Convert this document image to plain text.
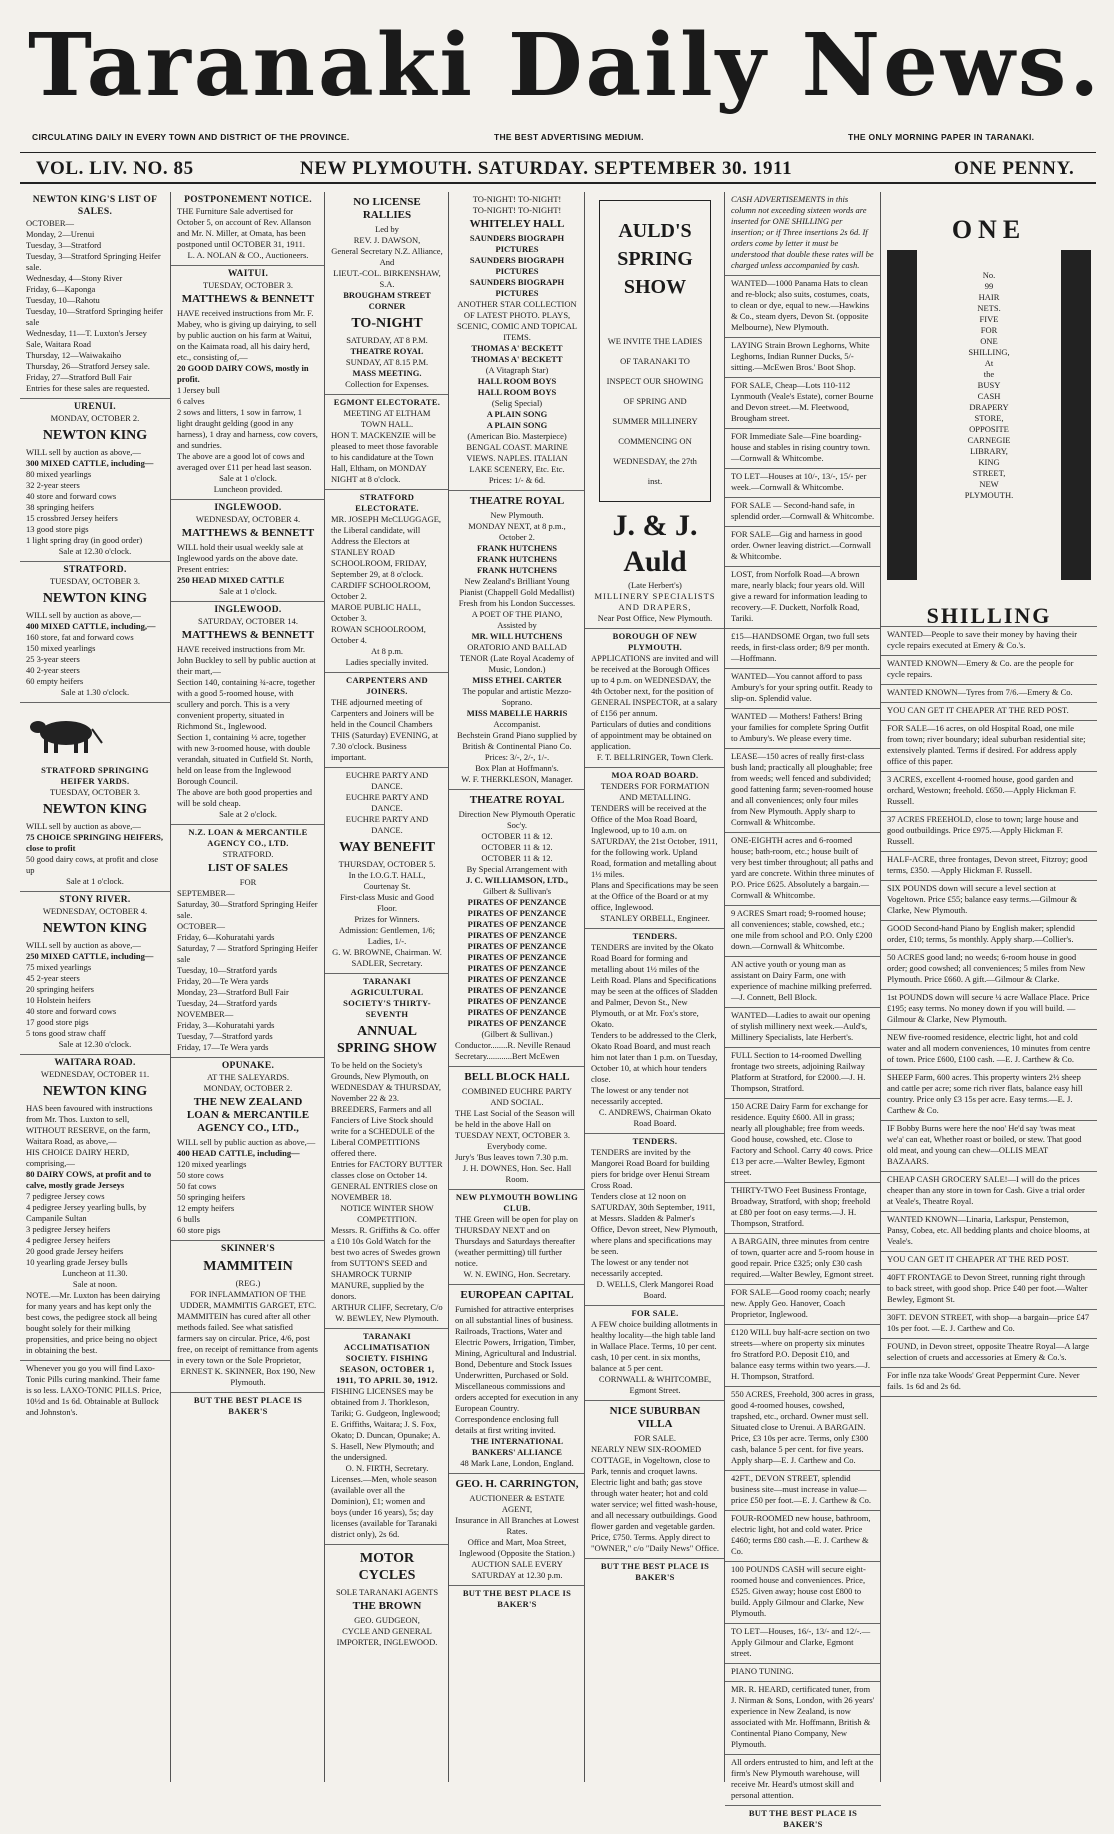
Taranaki Daily News.
CIRCULATING DAILY IN EVERY TOWN AND DISTRICT OF THE PROVINCE.	THE BEST ADVERTISING MEDIUM.	THE ONLY MORNING PAPER IN TARANAKI.
VOL. LIV. NO. 85	NEW PLYMOUTH. SATURDAY. SEPTEMBER 30. 1911	ONE PENNY.
NEWTON KING'S LIST OF SALES.
OCTOBER—
Monday, 2—Urenui
Tuesday, 3—Stratford
Tuesday, 3—Stratford Springing Heifer sale.
Wednesday, 4—Stony River
Friday, 6—Kaponga
Tuesday, 10—Rahotu
Tuesday, 10—Stratford Springing heifer sale
Wednesday, 11—T. Luxton's Jersey Sale, Waitara Road
Thursday, 12—Waiwakaiho
Thursday, 26—Stratford Jersey sale.
Friday, 27—Stratford Bull Fair
Entries for these sales are requested.
URENUI.
MONDAY, OCTOBER 2.
NEWTON KING
WILL sell by auction as above,—
300 MIXED CATTLE, including—
80 mixed yearlings
32 2-year steers
40 store and forward cows
38 springing heifers
15 crossbred Jersey heifers
13 good store pigs
1 light spring dray (in good order)
Sale at 12.30 o'clock.
STRATFORD.
TUESDAY, OCTOBER 3.
NEWTON KING
WILL sell by auction as above,—
400 MIXED CATTLE, including,—
160 store, fat and forward cows
150 mixed yearlings
25 3-year steers
40 2-year steers
60 empty heifers
Sale at 1.30 o'clock.
STRATFORD SPRINGING HEIFER YARDS.
TUESDAY, OCTOBER 3.
NEWTON KING
WILL sell by auction as above,—
75 CHOICE SPRINGING HEIFERS, close to profit
50 good dairy cows, at profit and close up
Sale at 1 o'clock.
STONY RIVER.
WEDNESDAY, OCTOBER 4.
NEWTON KING
WILL sell by auction as above,—
250 MIXED CATTLE, including—
75 mixed yearlings
45 2-year steers
20 springing heifers
10 Holstein heifers
40 store and forward cows
17 good store pigs
5 tons good straw chaff
Sale at 12.30 o'clock.
WAITARA ROAD.
WEDNESDAY, OCTOBER 11.
NEWTON KING
HAS been favoured with instructions from Mr. Thos. Luxton to sell, WITHOUT RESERVE, on the farm, Waitara Road, as above,—
HIS CHOICE DAIRY HERD, comprising,—
80 DAIRY COWS, at profit and to calve, mostly grade Jerseys
7 pedigree Jersey cows
4 pedigree Jersey yearling bulls, by Campanile Sultan
3 pedigree Jersey heifers
4 pedigree Jersey heifers
20 good grade Jersey heifers
10 yearling grade Jersey bulls
Luncheon at 11.30.
Sale at noon.
NOTE.—Mr. Luxton has been dairying for many years and has kept only the best cows, the pedigree stock all being bought solely for their milking propensities, and price being no object in obtaining the best.
Whenever you go you will find Laxo-Tonic Pills curing mankind. Their fame is so less. LAXO-TONIC PILLS. Price, 10½d and 1s 6d. Obtainable at Bullock and Johnston's.
POSTPONEMENT NOTICE.
THE Furniture Sale advertised for October 5, on account of Rev. Allanson and Mr. N. Miller, at Omata, has been postponed until OCTOBER 31, 1911.
L. A. NOLAN & CO., Auctioneers.
WAITUI.
TUESDAY, OCTOBER 3.
MATTHEWS & BENNETT
HAVE received instructions from Mr. F. Mabey, who is giving up dairying, to sell by public auction on his farm at Waitui, on the Kaimata road, all his dairy herd, etc., consisting of,—
20 GOOD DAIRY COWS, mostly in profit.
1 Jersey bull
6 calves
2 sows and litters, 1 sow in farrow, 1 light draught gelding (good in any harness), 1 dray and harness, cow covers, and sundries.
The above are a good lot of cows and averaged over £11 per head last season.
Sale at 1 o'clock.
Luncheon provided.
INGLEWOOD.
WEDNESDAY, OCTOBER 4.
MATTHEWS & BENNETT
WILL hold their usual weekly sale at Inglewood yards on the above date. Present entries:
250 HEAD MIXED CATTLE
Sale at 1 o'clock.
INGLEWOOD.
SATURDAY, OCTOBER 14.
MATTHEWS & BENNETT
HAVE received instructions from Mr. John Buckley to sell by public auction at their mart,—
Section 140, containing ¾-acre, together with a good 5-roomed house, with scullery and porch. This is a very convenient property, situated in Richmond St., Inglewood.
Section 1, containing ½ acre, together with new 3-roomed house, with double verandah, situated in Cutfield St. North, held on lease from the Inglewood Borough Council.
The above are both good properties and will be sold cheap.
Sale at 2 o'clock.
N.Z. LOAN & MERCANTILE AGENCY CO., LTD.
STRATFORD.
LIST OF SALES
FOR
SEPTEMBER—
Saturday, 30—Stratford Springing Heifer sale.
OCTOBER—
Friday, 6—Kohuratahi yards
Saturday, 7 — Stratford Springing Heifer sale
Tuesday, 10—Stratford yards
Friday, 20—Te Wera yards
Monday, 23—Stratford Bull Fair
Tuesday, 24—Stratford yards
NOVEMBER—
Friday, 3—Kohuratahi yards
Tuesday, 7—Stratford yards
Friday, 17—Te Wera yards
OPUNAKE.
AT THE SALEYARDS.
MONDAY, OCTOBER 2.
THE NEW ZEALAND LOAN & MERCANTILE AGENCY CO., LTD.,
WILL sell by public auction as above,—
400 HEAD CATTLE, including—
120 mixed yearlings
50 store cows
50 fat cows
50 springing heifers
12 empty heifers
6 bulls
60 store pigs
SKINNER'S
MAMMITEIN
(REG.)
FOR INFLAMMATION OF THE UDDER, MAMMITIS GARGET, ETC.
MAMMITEIN has cured after all other methods failed. See what satisfied farmers say on circular. Price, 4/6, post free, on receipt of remittance from agents in every town or the Sole Proprietor,
ERNEST K. SKINNER, Box 190, New Plymouth.
BUT THE BEST PLACE IS BAKER'S
NO LICENSE RALLIES
Led by
REV. J. DAWSON,
General Secretary N.Z. Alliance,
And
LIEUT.-COL. BIRKENSHAW, S.A.
BROUGHAM STREET CORNER
TO-NIGHT
SATURDAY, AT 8 P.M.
THEATRE ROYAL
SUNDAY, AT 8.15 P.M.
MASS MEETING.
Collection for Expenses.
EGMONT ELECTORATE.
MEETING AT ELTHAM TOWN HALL.
HON T. MACKENZIE will be pleased to meet those favorable to his candidature at the Town Hall, Eltham, on MONDAY NIGHT at 8 o'clock.
STRATFORD ELECTORATE.
MR. JOSEPH McCLUGGAGE, the Liberal candidate, will Address the Electors at
STANLEY ROAD SCHOOLROOM, FRIDAY, September 29, at 8 o'clock.
CARDIFF SCHOOLROOM, October 2.
MAROE PUBLIC HALL, October 3.
ROWAN SCHOOLROOM, October 4.
At 8 p.m.
Ladies specially invited.
CARPENTERS AND JOINERS.
THE adjourned meeting of Carpenters and Joiners will be held in the Council Chambers THIS (Saturday) EVENING, at 7.30 o'clock. Business important.
EUCHRE PARTY AND DANCE.
EUCHRE PARTY AND DANCE.
EUCHRE PARTY AND DANCE.
WAY BENEFIT
THURSDAY, OCTOBER 5.
In the I.O.G.T. HALL, Courtenay St.
First-class Music and Good Floor.
Prizes for Winners.
Admission: Gentlemen, 1/6; Ladies, 1/-.
G. W. BROWNE, Chairman. W. SADLER, Secretary.
TARANAKI AGRICULTURAL SOCIETY'S THIRTY-SEVENTH
ANNUAL SPRING SHOW
To be held on the Society's Grounds, New Plymouth, on WEDNESDAY & THURSDAY, November 22 & 23.
BREEDERS, Farmers and all Fanciers of Live Stock should write for a SCHEDULE of the Liberal COMPETITIONS offered there.
Entries for FACTORY BUTTER classes close on October 14.
GENERAL ENTRIES close on NOVEMBER 18.
NOTICE WINTER SHOW COMPETITION.
Messrs. R. Griffiths & Co. offer a £10 10s Gold Watch for the best two acres of Swedes grown from SUTTON'S SEED and SHAMROCK TURNIP MANURE, supplied by the donors.
ARTHUR CLIFF, Secretary, C/o W. BEWLEY, New Plymouth.
TARANAKI ACCLIMATISATION SOCIETY. FISHING SEASON, OCTOBER 1, 1911, TO APRIL 30, 1912.
FISHING LICENSES may be obtained from J. Thorkleson, Tariki; G. Gudgeon, Inglewood; E. Griffiths, Waitara; J. S. Fox, Okato; D. Duncan, Opunake; A. S. Hasell, New Plymouth; and the undersigned.
O. N. FIRTH, Secretary.
Licenses.—Men, whole season (available over all the Dominion), £1; women and boys (under 16 years), 5s; day licenses (available for Taranaki district only), 2s 6d.
MOTOR CYCLES
SOLE TARANAKI AGENTS
THE BROWN
GEO. GUDGEON,
CYCLE AND GENERAL IMPORTER, INGLEWOOD.
TO-NIGHT! TO-NIGHT!
TO-NIGHT! TO-NIGHT!
WHITELEY HALL
SAUNDERS BIOGRAPH PICTURES
SAUNDERS BIOGRAPH PICTURES
SAUNDERS BIOGRAPH PICTURES
ANOTHER STAR COLLECTION OF LATEST PHOTO. PLAYS, SCENIC, COMIC AND TOPICAL ITEMS.
THOMAS A' BECKETT
THOMAS A' BECKETT
(A Vitagraph Star)
HALL ROOM BOYS
HALL ROOM BOYS
(Selig Special)
A PLAIN SONG
A PLAIN SONG
(American Bio. Masterpiece)
BENGAL COAST. MARINE VIEWS. NAPLES. ITALIAN LAKE SCENERY, Etc. Etc.
Prices: 1/- & 6d.
THEATRE ROYAL
New Plymouth.
MONDAY NEXT, at 8 p.m., October 2.
FRANK HUTCHENS
FRANK HUTCHENS
FRANK HUTCHENS
New Zealand's Brilliant Young Pianist (Chappell Gold Medallist) Fresh from his London Successes.
A POET OF THE PIANO,
Assisted by
MR. WILL HUTCHENS
ORATORIO AND BALLAD TENOR (Late Royal Academy of Music, London.)
MISS ETHEL CARTER
The popular and artistic Mezzo-Soprano.
MISS MABELLE HARRIS
Accompanist.
Bechstein Grand Piano supplied by British & Continental Piano Co.
Prices: 3/-, 2/-, 1/-.
Box Plan at Hoffmann's.
W. F. THERKLESON, Manager.
THEATRE ROYAL
Direction New Plymouth Operatic Soc'y.
OCTOBER 11 & 12.
OCTOBER 11 & 12.
OCTOBER 11 & 12.
By Special Arrangement with
J. C. WILLIAMSON, LTD.,
Gilbert & Sullivan's
PIRATES OF PENZANCE
PIRATES OF PENZANCE
PIRATES OF PENZANCE
PIRATES OF PENZANCE
PIRATES OF PENZANCE
PIRATES OF PENZANCE
PIRATES OF PENZANCE
PIRATES OF PENZANCE
PIRATES OF PENZANCE
PIRATES OF PENZANCE
PIRATES OF PENZANCE
PIRATES OF PENZANCE
(Gilbert & Sullivan.)
Conductor........R. Neville Renaud
Secretary............Bert McEwen
BELL BLOCK HALL
COMBINED EUCHRE PARTY AND SOCIAL.
THE Last Social of the Season will be held in the above Hall on TUESDAY NEXT, OCTOBER 3.
Everybody come.
Jury's 'Bus leaves town 7.30 p.m.
J. H. DOWNES, Hon. Sec. Hall Room.
NEW PLYMOUTH BOWLING CLUB.
THE Green will be open for play on THURSDAY NEXT and on Thursdays and Saturdays thereafter (weather permitting) till further notice.
W. N. EWING, Hon. Secretary.
EUROPEAN CAPITAL
Furnished for attractive enterprises on all substantial lines of business. Railroads, Tractions, Water and Electric Powers, Irrigation, Timber, Mining, Agricultural and Industrial. Bond, Debenture and Stock Issues Underwritten, Purchased or Sold.
Miscellaneous commissions and orders accepted for execution in any European Country.
Correspondence enclosing full details at first writing invited.
THE INTERNATIONAL BANKERS' ALLIANCE
48 Mark Lane, London, England.
GEO. H. CARRINGTON,
AUCTIONEER & ESTATE AGENT,
Insurance in All Branches at Lowest Rates.
Office and Mart, Moa Street, Inglewood (Opposite the Station.)
AUCTION SALE EVERY SATURDAY at 12.30 p.m.
BUT THE BEST PLACE IS BAKER'S
AULD'S
SPRING
SHOW
WE INVITE THE LADIES OF TARANAKI TO INSPECT OUR SHOWING OF SPRING AND SUMMER MILLINERY COMMENCING ON WEDNESDAY, the 27th inst.
J. & J. Auld
(Late Herbert's)
MILLINERY SPECIALISTS AND DRAPERS,
Near Post Office, New Plymouth.
BOROUGH OF NEW PLYMOUTH.
APPLICATIONS are invited and will be received at the Borough Offices up to 4 p.m. on WEDNESDAY, the 4th October next, for the position of GENERAL INSPECTOR, at a salary of £156 per annum.
Particulars of duties and conditions of appointment may be obtained on application.
F. T. BELLRINGER, Town Clerk.
MOA ROAD BOARD.
TENDERS FOR FORMATION AND METALLING.
TENDERS will be received at the Office of the Moa Road Board, Inglewood, up to 10 a.m. on SATURDAY, the 21st October, 1911, for the following work. Upland Road, formation and metalling about 1½ miles.
Plans and Specifications may be seen at the Office of the Board or at my office, Inglewood.
STANLEY ORBELL, Engineer.
TENDERS.
TENDERS are invited by the Okato Road Board for forming and metalling about 1½ miles of the Leith Road. Plans and Specifications may be seen at the offices of Sladden and Palmer, Devon St., New Plymouth, or at Mr. Fox's store, Okato.
Tenders to be addressed to the Clerk, Okato Road Board, and must reach him not later than 1 p.m. on Tuesday, October 10, at which hour tenders close.
The lowest or any tender not necessarily accepted.
C. ANDREWS, Chairman Okato Road Board.
TENDERS.
TENDERS are invited by the Mangorei Road Board for building piers for bridge over Henui Stream Cross Road.
Tenders close at 12 noon on SATURDAY, 30th September, 1911, at Messrs. Sladden & Palmer's Office, Devon street, New Plymouth, where plans and specifications may be seen.
The lowest or any tender not necessarily accepted.
D. WELLS, Clerk Mangorei Road Board.
FOR SALE.
A FEW choice building allotments in healthy locality—the high table land in Wallace Place. Terms, 10 per cent. cash, 10 per cent. in six months, balance at 5 per cent.
CORNWALL & WHITCOMBE, Egmont Street.
NICE SUBURBAN VILLA
FOR SALE.
NEARLY NEW SIX-ROOMED COTTAGE, in Vogeltown, close to Park, tennis and croquet lawns. Electric light and bath; gas stove through water heater; hot and cold water service; wel fitted wash-house, and all necessary outbuildings. Good flower garden and vegetable garden. Price, £750. Terms. Apply direct to
"OWNER," c/o "Daily News" Office.
BUT THE BEST PLACE IS BAKER'S
CASH ADVERTISEMENTS in this column not exceeding sixteen words are inserted for ONE SHILLING per insertion; or if Three insertions 2s 6d. If orders come by letter it must be understood that double these rates will be charged unless accompanied by cash.
WANTED—1000 Panama Hats to clean and re-block; also suits, costumes, coats, to clean or dye, equal to new.—Hawkins & Co., steam dyers, Devon St. (opposite Melbourne), New Plymouth.
LAYING Strain Brown Leghorns, White Leghorns, Indian Runner Ducks, 5/- sitting.—McEwen Bros.' Boot Shop.
FOR SALE, Cheap—Lots 110-112 Lynmouth (Veale's Estate), corner Bourne and Devon street.—M. Fleetwood, Brougham street.
FOR Immediate Sale—Fine boarding-house and stables in rising country town.—Cornwall & Whitcombe.
TO LET—Houses at 10/-, 13/-, 15/- per week.—Cornwall & Whitcombe.
FOR SALE — Second-hand safe, in splendid order.—Cornwall & Whitcombe.
FOR SALE—Gig and harness in good order. Owner leaving district.—Cornwall & Whitcombe.
LOST, from Norfolk Road—A brown mare, nearly black; four years old. Will give a reward for information leading to recovery.—F. Duckett, Norfolk Road, Tariki.
£15—HANDSOME Organ, two full sets reeds, in first-class order; 8/9 per month.—Hoffmann.
WANTED—You cannot afford to pass Ambury's for your spring outfit. Ready to slip-on. Splendid value.
WANTED — Mothers! Fathers! Bring your families for complete Spring Outfit to Ambury's. We please every time.
LEASE—150 acres of really first-class bush land; practically all ploughable; free from weeds; well fenced and subdivided; good fattening farm; seven-roomed house and all conveniences; only four miles from New Plymouth. Apply sharp to Cornwall & Whitcombe.
ONE-EIGHTH acres and 6-roomed house; bath-room, etc.; house built of very best timber throughout; all paths and yard are concrete. Within three minutes of P.O. Price £625. Absolutely a bargain.—Cornwall & Whitcombe.
9 ACRES Smart road; 9-roomed house; all conveniences; stable, cowshed, etc.; one mile from school and P.O. Only £200 down.—Cornwall & Whitcombe.
AN active youth or young man as assistant on Dairy Farm, one with experience of machine milking preferred.—J. Connett, Bell Block.
WANTED—Ladies to await our opening of stylish millinery next week.—Auld's, Millinery Specialists, late Herbert's.
FULL Section to 14-roomed Dwelling frontage two streets, adjoining Railway Platform at Stratford, for £2000.—J. H. Thompson, Stratford.
150 ACRE Dairy Farm for exchange for residence. Equity £600. All in grass; nearly all ploughable; free from weeds. Good house, cowshed, etc. Close to Factory and School. Carry 40 cows. Price £13 per acre.—Walter Bewley, Egmont street.
THIRTY-TWO Feet Business Frontage, Broadway, Stratford, with shop; freehold at £80 per foot on easy terms.—J. H. Thompson, Stratford.
A BARGAIN, three minutes from centre of town, quarter acre and 5-room house in good repair. Price £325; only £30 cash required.—Walter Bewley, Egmont street.
FOR SALE—Good roomy coach; nearly new. Apply Geo. Hanover, Coach Proprietor, Inglewood.
£120 WILL buy half-acre section on two streets—where on property six minutes fro Stratford P.O. Deposit £10, and balance easy terms within two years.—J. H. Thompson, Stratford.
550 ACRES, Freehold, 300 acres in grass, good 4-roomed houses, cowshed, trapshed, etc., orchard. Owner must sell. Situated close to Urenui. A BARGAIN. Price, £3 10s per acre. Terms, only £300 cash, balance 5 per cent. for five years. Apply sharp—E. J. Carthew and Co.
42FT., DEVON STREET, splendid business site—must increase in value—price £50 per foot.—E. J. Carthew & Co.
FOUR-ROOMED new house, bathroom, electric light, hot and cold water. Price £460; terms £80 cash.—E. J. Carthew & Co.
100 POUNDS CASH will secure eight-roomed house and conveniences. Price, £525. Given away; house cost £800 to build. Apply Gilmour and Clarke, New Plymouth.
TO LET—Houses, 16/-, 13/- and 12/-.—Apply Gilmour and Clarke, Egmont street.
PIANO TUNING.
MR. R. HEARD, certificated tuner, from J. Nirman & Sons, London, with 26 years' experience in New Zealand, is now associated with Mr. Hoffmann, British & Continental Piano Company, New Plymouth.
All orders entrusted to him, and left at the firm's New Plymouth warehouse, will receive Mr. Heard's utmost skill and personal attention.
BUT THE BEST PLACE IS BAKER'S
ONE
No.
99
HAIR
NETS.
FIVE
FOR
ONE
SHILLING,
At
the
BUSY
CASH
DRAPERY
STORE,
OPPOSITE
CARNEGIE
LIBRARY,
KING
STREET,
NEW
PLYMOUTH.
SHILLING
WANTED—People to save their money by having their cycle repairs executed at Emery & Co.'s.
WANTED KNOWN—Emery & Co. are the people for cycle repairs.
WANTED KNOWN—Tyres from 7/6.—Emery & Co.
YOU CAN GET IT CHEAPER AT THE RED POST.
FOR SALE—16 acres, on old Hospital Road, one mile from town; river boundary; ideal suburban residential site; extensively planted. Terms if desired. For address apply office of this paper.
3 ACRES, excellent 4-roomed house, good garden and orchard, Westown; freehold. £650.—Apply Hickman F. Russell.
37 ACRES FREEHOLD, close to town; large house and good outbuildings. Price £975.—Apply Hickman F. Russell.
HALF-ACRE, three frontages, Devon street, Fitzroy; good terms, £350. —Apply Hickman F. Russell.
SIX POUNDS down will secure a level section at Vogeltown. Price £55; balance easy terms.—Gilmour & Clarke, New Plymouth.
GOOD Second-hand Piano by English maker; splendid order, £10; terms, 5s monthly. Apply sharp.—Collier's.
50 ACRES good land; no weeds; 6-room house in good order; good cowshed; all conveniences; 5 miles from New Plymouth. Price £660. A gift.—Gilmour & Clarke.
1st POUNDS down will secure ¼ acre Wallace Place. Price £195; easy terms. No money down if you will build. —Gilmour & Clarke, New Plymouth.
NEW five-roomed residence, electric light, hot and cold water and all modern conveniences, 10 minutes from centre of town. Price £600, £100 cash. —E. J. Carthew & Co.
SHEEP Farm, 600 acres. This property winters 2½ sheep and cattle per acre; some rich river flats, balance easy hill country. Price only £3 15s per acre. Easy terms.—E. J. Carthew & Co.
IF Bobby Burns were here the noo' He'd say 'twas meat we'a' can eat, Whether roast or boiled, or stew. That good old meat, and young can chew—OLLIS MEAT BAZAARS.
CHEAP CASH GROCERY SALE!—I will do the prices cheaper than any store in town for Cash. Give a trial order at Veale's, Theatre Royal.
WANTED KNOWN—Linaria, Larkspur, Penstemon, Pansy, Cobea, etc. All bedding plants and choice blooms, at Veale's.
YOU CAN GET IT CHEAPER AT THE RED POST.
40FT FRONTAGE to Devon Street, running right through to back street, with good shop. Price £40 per foot.—Walter Bewley, Egmont St.
30FT. DEVON STREET, with shop—a bargain—price £47 10s per foot. —E. J. Carthew and Co.
FOUND, in Devon street, opposite Theatre Royal—A large selection of cruets and accessories at Emery & Co.'s.
For infle nza take Woods' Great Peppermint Cure. Never fails. 1s 6d and 2s 6d.
